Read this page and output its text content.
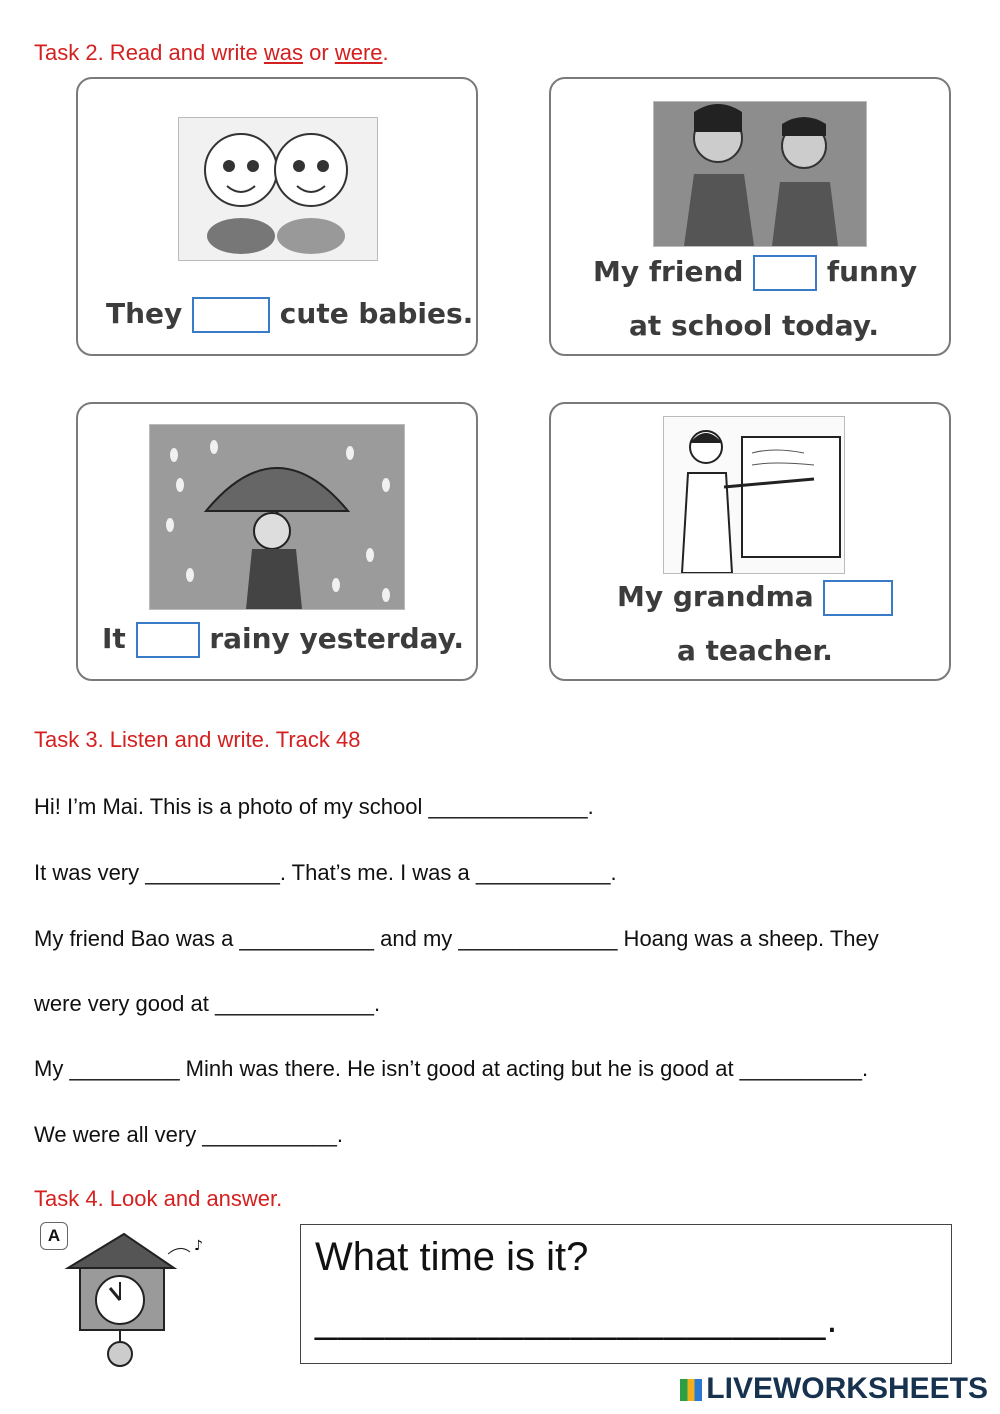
Task 2. Read and write was or were.
They	cute babies.
My friend	funny
at school today.
It	rainy yesterday.
My grandma
a teacher.
Task 3. Listen and write. Track 48
Hi! I’m Mai. This is a photo of my school _____________.
It was very ___________. That’s me. I was a ___________.
My friend Bao was a ___________ and my _____________ Hoang was a sheep. They
were very good at _____________.
My _________ Minh was there. He isn’t good at acting but he is good at __________.
We were all very ___________.
Task 4. Look and answer.
A
♪	What time is it?
______________________.
LIVEWORKSHEETS
